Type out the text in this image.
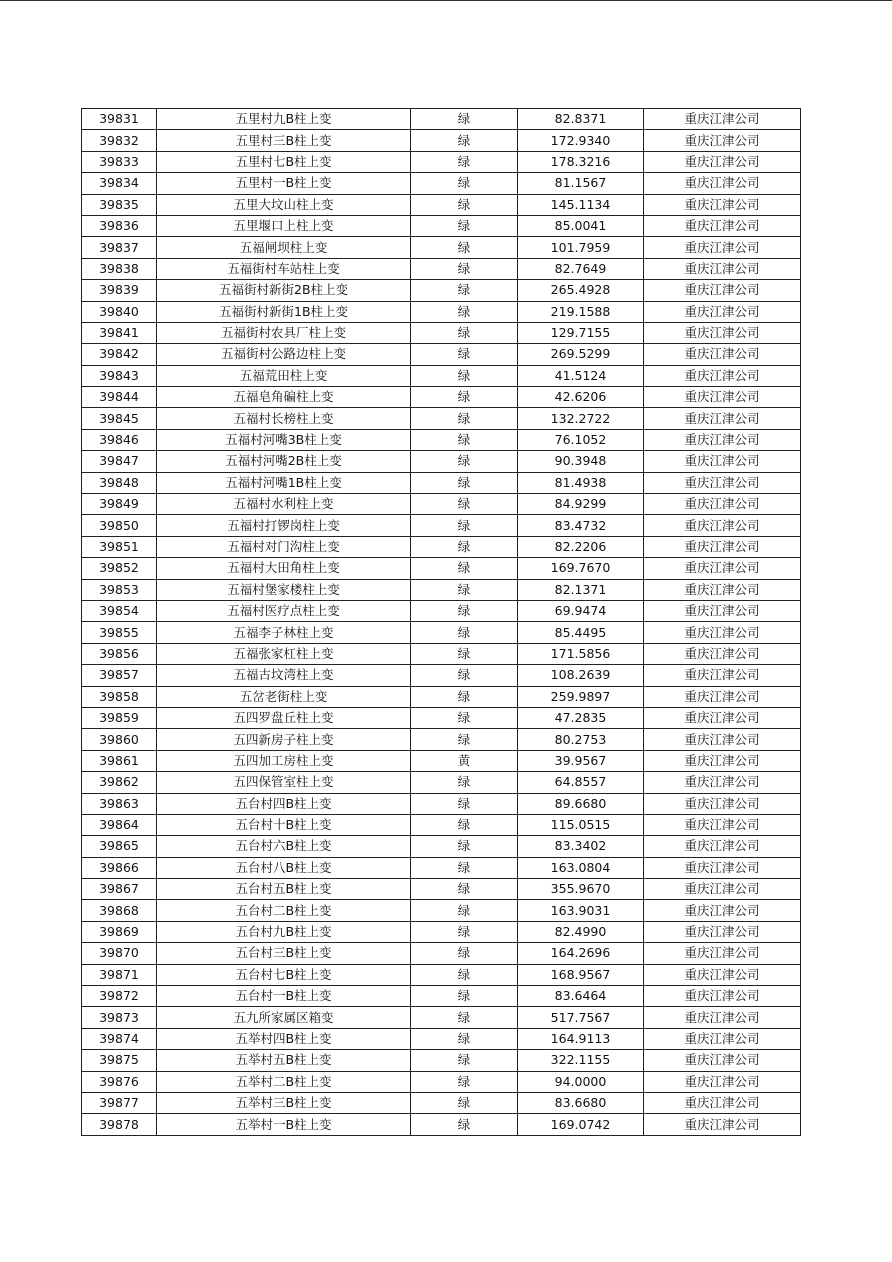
39831	五里村九B柱上变	绿	82.8371	重庆江津公司
39832	五里村三B柱上变	绿	172.9340	重庆江津公司
39833	五里村七B柱上变	绿	178.3216	重庆江津公司
39834	五里村一B柱上变	绿	81.1567	重庆江津公司
39835	五里大坟山柱上变	绿	145.1134	重庆江津公司
39836	五里堰口上柱上变	绿	85.0041	重庆江津公司
39837	五福闸坝柱上变	绿	101.7959	重庆江津公司
39838	五福街村车站柱上变	绿	82.7649	重庆江津公司
39839	五福街村新街2B柱上变	绿	265.4928	重庆江津公司
39840	五福街村新街1B柱上变	绿	219.1588	重庆江津公司
39841	五福街村农具厂柱上变	绿	129.7155	重庆江津公司
39842	五福街村公路边柱上变	绿	269.5299	重庆江津公司
39843	五福荒田柱上变	绿	41.5124	重庆江津公司
39844	五福皂角碥柱上变	绿	42.6206	重庆江津公司
39845	五福村长榜柱上变	绿	132.2722	重庆江津公司
39846	五福村河嘴3B柱上变	绿	76.1052	重庆江津公司
39847	五福村河嘴2B柱上变	绿	90.3948	重庆江津公司
39848	五福村河嘴1B柱上变	绿	81.4938	重庆江津公司
39849	五福村水利柱上变	绿	84.9299	重庆江津公司
39850	五福村打锣岗柱上变	绿	83.4732	重庆江津公司
39851	五福村对门沟柱上变	绿	82.2206	重庆江津公司
39852	五福村大田角柱上变	绿	169.7670	重庆江津公司
39853	五福村堡家楼柱上变	绿	82.1371	重庆江津公司
39854	五福村医疗点柱上变	绿	69.9474	重庆江津公司
39855	五福李子林柱上变	绿	85.4495	重庆江津公司
39856	五福张家杠柱上变	绿	171.5856	重庆江津公司
39857	五福古坟湾柱上变	绿	108.2639	重庆江津公司
39858	五岔老街柱上变	绿	259.9897	重庆江津公司
39859	五四罗盘丘柱上变	绿	47.2835	重庆江津公司
39860	五四新房子柱上变	绿	80.2753	重庆江津公司
39861	五四加工房柱上变	黄	39.9567	重庆江津公司
39862	五四保管室柱上变	绿	64.8557	重庆江津公司
39863	五台村四B柱上变	绿	89.6680	重庆江津公司
39864	五台村十B柱上变	绿	115.0515	重庆江津公司
39865	五台村六B柱上变	绿	83.3402	重庆江津公司
39866	五台村八B柱上变	绿	163.0804	重庆江津公司
39867	五台村五B柱上变	绿	355.9670	重庆江津公司
39868	五台村二B柱上变	绿	163.9031	重庆江津公司
39869	五台村九B柱上变	绿	82.4990	重庆江津公司
39870	五台村三B柱上变	绿	164.2696	重庆江津公司
39871	五台村七B柱上变	绿	168.9567	重庆江津公司
39872	五台村一B柱上变	绿	83.6464	重庆江津公司
39873	五九所家属区箱变	绿	517.7567	重庆江津公司
39874	五举村四B柱上变	绿	164.9113	重庆江津公司
39875	五举村五B柱上变	绿	322.1155	重庆江津公司
39876	五举村二B柱上变	绿	94.0000	重庆江津公司
39877	五举村三B柱上变	绿	83.6680	重庆江津公司
39878	五举村一B柱上变	绿	169.0742	重庆江津公司
